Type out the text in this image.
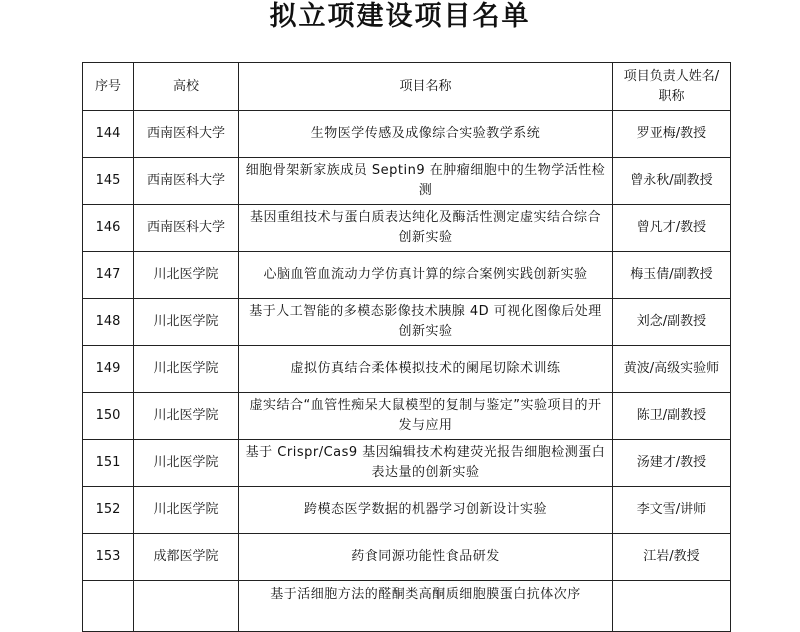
拟立项建设项目名单
序号	高校	项目名称	项目负责人姓名/职称
144	西南医科大学	生物医学传感及成像综合实验教学系统	罗亚梅/教授
145	西南医科大学	细胞骨架新家族成员 Septin9 在肿瘤细胞中的生物学活性检测	曾永秋/副教授
146	西南医科大学	基因重组技术与蛋白质表达纯化及酶活性测定虚实结合综合创新实验	曾凡才/教授
147	川北医学院	心脑血管血流动力学仿真计算的综合案例实践创新实验	梅玉倩/副教授
148	川北医学院	基于人工智能的多模态影像技术胰腺 4D 可视化图像后处理创新实验	刘念/副教授
149	川北医学院	虚拟仿真结合柔体模拟技术的阑尾切除术训练	黄波/高级实验师
150	川北医学院	虚实结合“血管性痴呆大鼠模型的复制与鉴定”实验项目的开发与应用	陈卫/副教授
151	川北医学院	基于 Crispr/Cas9 基因编辑技术构建荧光报告细胞检测蛋白表达量的创新实验	汤建才/教授
152	川北医学院	跨模态医学数据的机器学习创新设计实验	李文雪/讲师
153	成都医学院	药食同源功能性食品研发	江岩/教授
		基于活细胞方法的醛酮类高酮质细胞膜蛋白抗体次序	
